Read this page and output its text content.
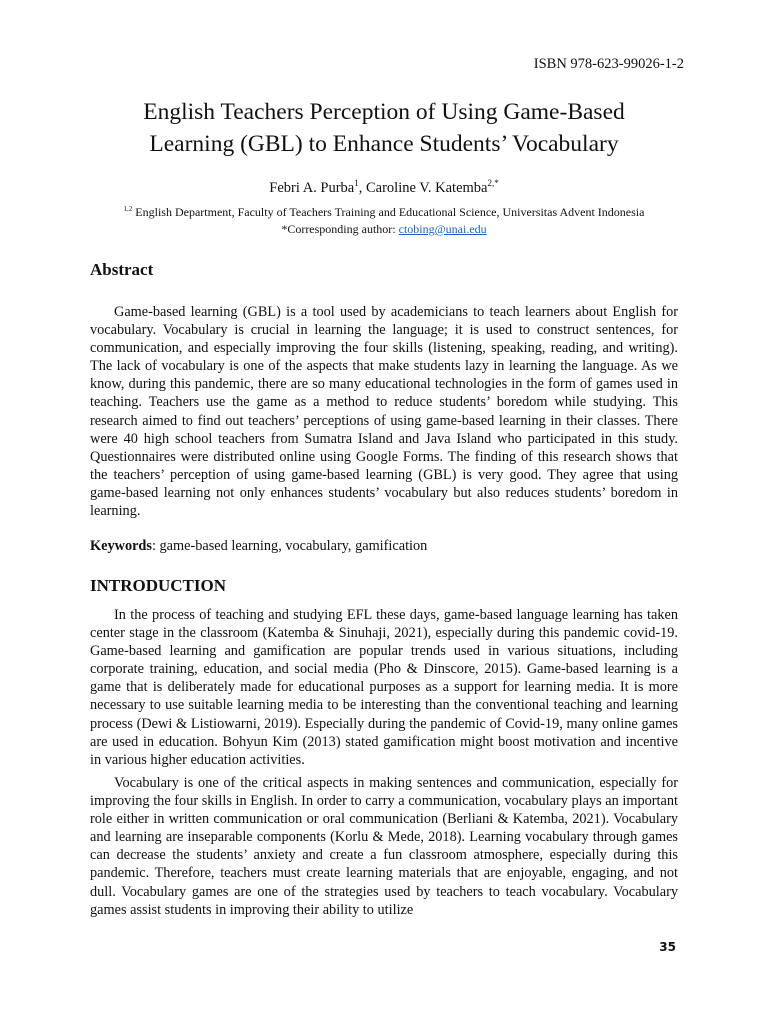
ISBN 978-623-99026-1-2
English Teachers Perception of Using Game-Based
Learning (GBL) to Enhance Students’ Vocabulary
Febri A. Purba$^1$, Caroline V. Katemba$^{2,*}$
$^{1,2}$ English Department, Faculty of Teachers Training and Educational Science, Universitas Advent Indonesia
*Corresponding author: ctobing@unai.edu
Abstract

Game-based learning (GBL) is a tool used by academicians to teach learners about English for vocabulary. Vocabulary is crucial in learning the language; it is used to construct sentences, for communication, and especially improving the four skills (listening, speaking, reading, and writing). The lack of vocabulary is one of the aspects that make students lazy in learning the language. As we know, during this pandemic, there are so many educational technologies in the form of games used in teaching. Teachers use the game as a method to reduce students’ boredom while studying. This research aimed to find out teachers’ perceptions of using game-based learning in their classes. There were 40 high school teachers from Sumatra Island and Java Island who participated in this study. Questionnaires were distributed online using Google Forms. The finding of this research shows that the teachers’ perception of using game-based learning (GBL) is very good. They agree that using game-based learning not only enhances students’ vocabulary but also reduces students’ boredom in learning.

Keywords: game-based learning, vocabulary, gamification

INTRODUCTION

In the process of teaching and studying EFL these days, game-based language learning has taken center stage in the classroom (Katemba & Sinuhaji, 2021), especially during this pandemic covid-19. Game-based learning and gamification are popular trends used in various situations, including corporate training, education, and social media (Pho & Dinscore, 2015). Game-based learning is a game that is deliberately made for educational purposes as a support for learning media. It is more necessary to use suitable learning media to be interesting than the conventional teaching and learning process (Dewi & Listiowarni, 2019). Especially during the pandemic of Covid-19, many online games are used in education. Bohyun Kim (2013) stated gamification might boost motivation and incentive in various higher education activities.

Vocabulary is one of the critical aspects in making sentences and communication, especially for improving the four skills in English. In order to carry a communication, vocabulary plays an important role either in written communication or oral communication (Berliani & Katemba, 2021). Vocabulary and learning are inseparable components (Korlu & Mede, 2018). Learning vocabulary through games can decrease the students’ anxiety and create a fun classroom atmosphere, especially during this pandemic. Therefore, teachers must create learning materials that are enjoyable, engaging, and not dull. Vocabulary games are one of the strategies used by teachers to teach vocabulary. Vocabulary games assist students in improving their ability to utilize

35
